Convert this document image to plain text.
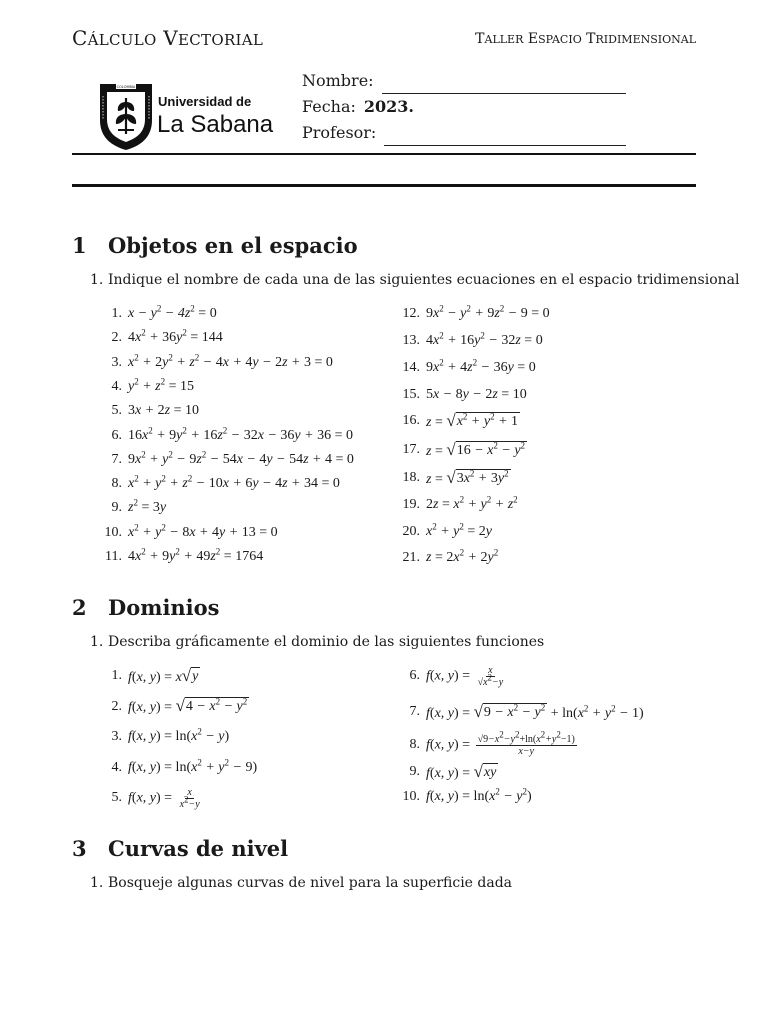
CÁLCULO VECTORIAL	TALLER ESPACIO TRIDIMENSIONAL
COLOMBIA
Universidad de
La Sabana
Nombre:
Fecha: 2023.
Profesor:
1 Objetos en el espacio
1. Indique el nombre de cada una de las siguientes ecuaciones en el espacio tridimensional
1. $x - y^2 - 4z^2 = 0$
2. $4x^2 + 36y^2 = 144$
3. $x^2 + 2y^2 + z^2 - 4x + 4y - 2z + 3 = 0$
4. $y^2 + z^2 = 15$
5. 3x + 2z = 10
6. $16x^2 + 9y^2 + 16z^2 - 32x - 36y + 36 = 0$
7. $9x^2 + y^2 - 9z^2 - 54x - 4y - 54z + 4 = 0$
8. $x^2 + y^2 + z^2 - 10x + 6y - 4z + 34 = 0$
9. $z^2 = 3y$
10. $x^2 + y^2 - 8x + 4y + 13 = 0$
11. $4x^2 + 9y^2 + 49z^2 = 1764$
12. $9x^2 - y^2 + 9z^2 - 9 = 0$
13. $4x^2 + 16y^2 - 32z = 0$
14. $9x^2 + 4z^2 - 36y = 0$
15. 5x − 8y − 2z = 10
16. z = √ $x^2 + y^2 + 1$
17. z = √ $16 - x^2 - y^2$
18. z = √ $3x^2 + 3y^2$
19. $2z = x^2 + y^2 + z^2$
20. $x^2 + y^2 = 2y$
21. $z = 2x^2 + 2y^2$
2 Dominios
1. Describa gráficamente el dominio de las siguientes funciones
1. f(x, y) = x √ y
2. f(x, y) = √ $4 - x^2 - y^2$
3. f(x, $y) = \ln(x^2 - y)$
4. f(x, $y) = \ln(x^2 + y^2 - 9)$
5. f(x, $y) = \frac{x}{x^2-y}$
6. f(x, $y) = \frac{x}{√x^2-y}$
7. f(x, y) = √ $9 - x^2 - y^2 + \ln(x^2 + y^2 - 1)$
8. f(x, $y) = \frac{√9-x^2-y^2+\ln(x^2+y^2-1)}{x-y}$
9. f(x, y) = √ xy
10. f(x, $y) = \ln(x^2 - y^2)$
3 Curvas de nivel
1. Bosqueje algunas curvas de nivel para la superficie dada
